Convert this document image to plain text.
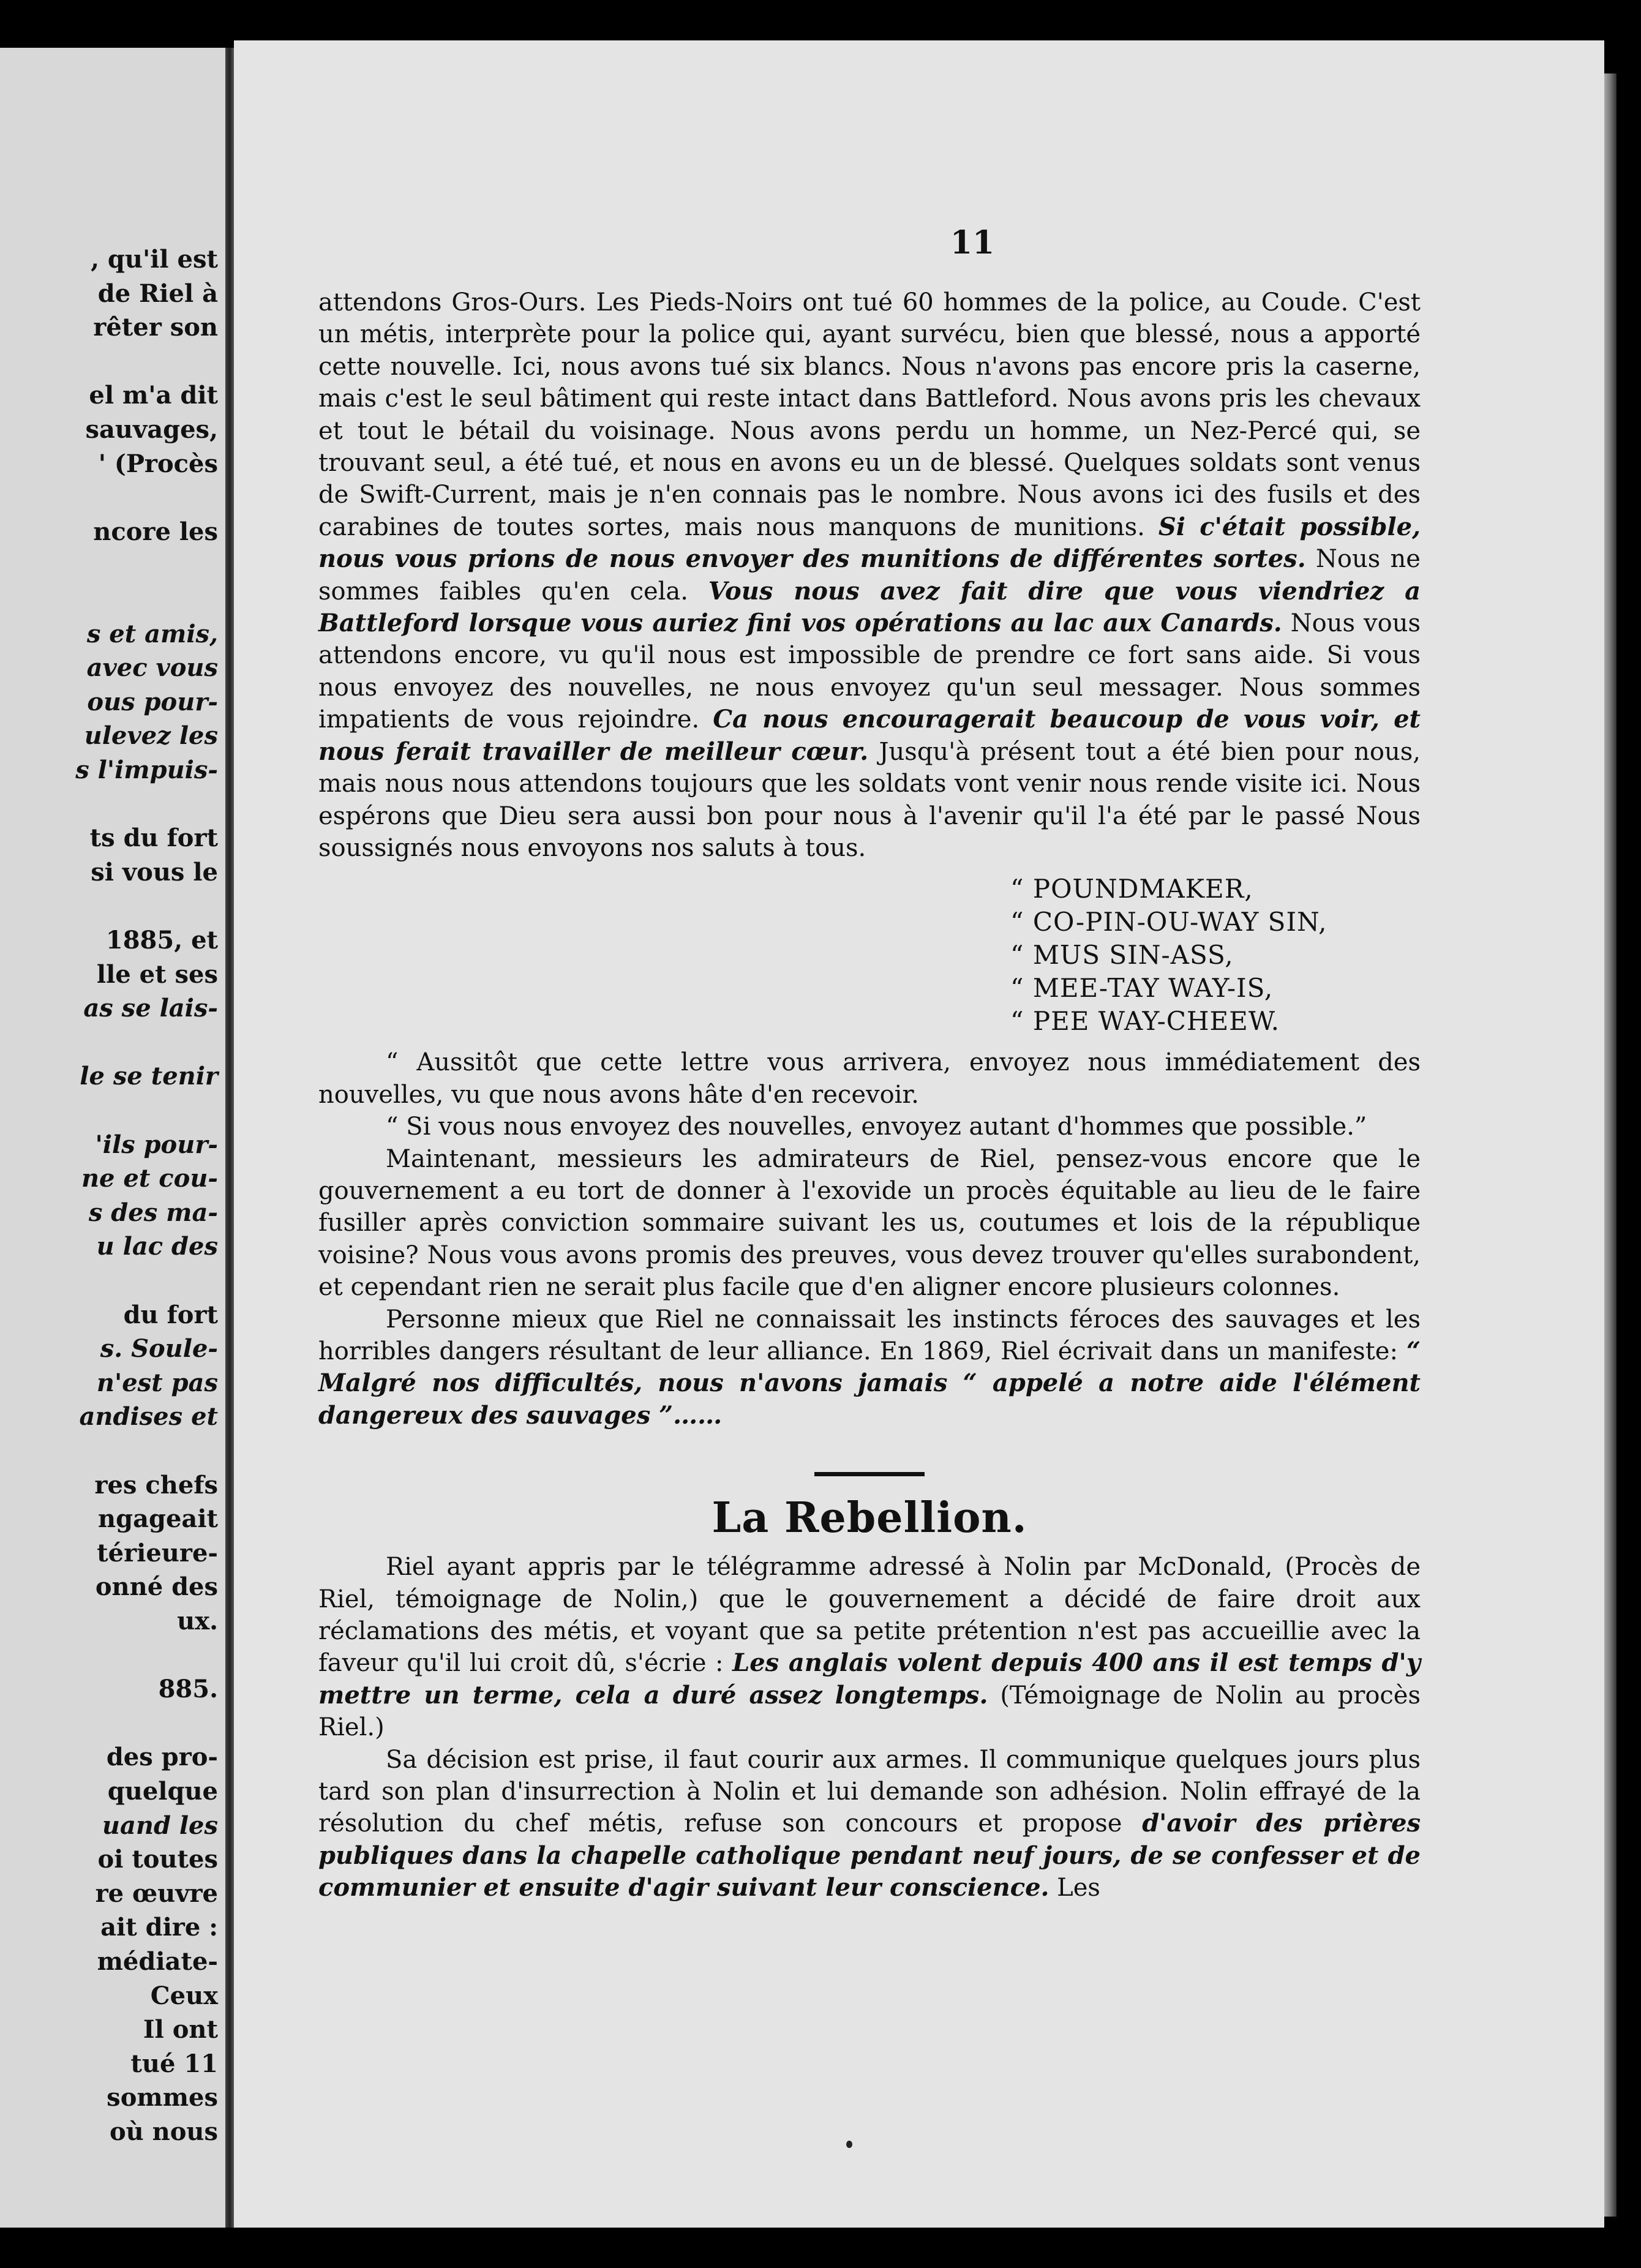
, qu'il est
de Riel à
rêter son
el m'a dit
sauvages,
' (Procès
ncore les
s et amis,
avec vous
ous pour-
ulevez les
s l'impuis-
ts du fort
si vous le
1885, et
lle et ses
as se lais-
le se tenir
'ils pour-
ne et cou-
s des ma-
u lac des
du fort
s. Soule-
n'est pas
andises et
res chefs
ngageait
térieure-
onné des
ux.
885.
des pro-
quelque
uand les
oi toutes
re œuvre
ait dire :
médiate-
Ceux
Il ont
tué 11
sommes
où nous
11

attendons Gros-Ours. Les Pieds-Noirs ont tué 60 hommes de la police, au Coude. C'est un métis, interprète pour la police qui, ayant survécu, bien que blessé, nous a apporté cette nouvelle. Ici, nous avons tué six blancs. Nous n'avons pas encore pris la caserne, mais c'est le seul bâtiment qui reste intact dans Battleford. Nous avons pris les chevaux et tout le bétail du voisinage. Nous avons perdu un homme, un Nez-Percé qui, se trouvant seul, a été tué, et nous en avons eu un de blessé. Quelques soldats sont venus de Swift-Current, mais je n'en connais pas le nombre. Nous avons ici des fusils et des carabines de toutes sortes, mais nous manquons de munitions. Si c'était possible, nous vous prions de nous envoyer des munitions de différentes sortes. Nous ne sommes faibles qu'en cela. Vous nous avez fait dire que vous viendriez a Battleford lorsque vous auriez fini vos opérations au lac aux Canards. Nous vous attendons encore, vu qu'il nous est impossible de prendre ce fort sans aide. Si vous nous envoyez des nouvelles, ne nous envoyez qu'un seul messager. Nous sommes impatients de vous rejoindre. Ca nous encouragerait beaucoup de vous voir, et nous ferait travailler de meilleur cœur. Jusqu'à présent tout a été bien pour nous, mais nous nous attendons toujours que les soldats vont venir nous rende visite ici. Nous espérons que Dieu sera aussi bon pour nous à l'avenir qu'il l'a été par le passé Nous soussignés nous envoyons nos saluts à tous.

“ POUNDMAKER,
“ CO-PIN-OU-WAY SIN,
“ MUS SIN-ASS,
“ MEE-TAY WAY-IS,
“ PEE WAY-CHEEW.

“ Aussitôt que cette lettre vous arrivera, envoyez nous immédiatement des nouvelles, vu que nous avons hâte d'en recevoir.

“ Si vous nous envoyez des nouvelles, envoyez autant d'hommes que possible.”

Maintenant, messieurs les admirateurs de Riel, pensez-vous encore que le gouvernement a eu tort de donner à l'exovide un procès équitable au lieu de le faire fusiller après conviction sommaire suivant les us, coutumes et lois de la république voisine? Nous vous avons promis des preuves, vous devez trouver qu'elles surabondent, et cependant rien ne serait plus facile que d'en aligner encore plusieurs colonnes.

Personne mieux que Riel ne connaissait les instincts féroces des sauvages et les horribles dangers résultant de leur alliance. En 1869, Riel écrivait dans un manifeste: “ Malgré nos difficultés, nous n'avons jamais “ appelé a notre aide l'élément dangereux des sauvages ”……

La Rebellion.

Riel ayant appris par le télégramme adressé à Nolin par McDonald, (Procès de Riel, témoignage de Nolin,) que le gouvernement a décidé de faire droit aux réclamations des métis, et voyant que sa petite prétention n'est pas accueillie avec la faveur qu'il lui croit dû, s'écrie : Les anglais volent depuis 400 ans il est temps d'y mettre un terme, cela a duré assez longtemps. (Témoignage de Nolin au procès Riel.)

Sa décision est prise, il faut courir aux armes. Il communique quelques jours plus tard son plan d'insurrection à Nolin et lui demande son adhésion. Nolin effrayé de la résolution du chef métis, refuse son concours et propose d'avoir des prières publiques dans la chapelle catholique pendant neuf jours, de se confesser et de communier et ensuite d'agir suivant leur conscience. Les
